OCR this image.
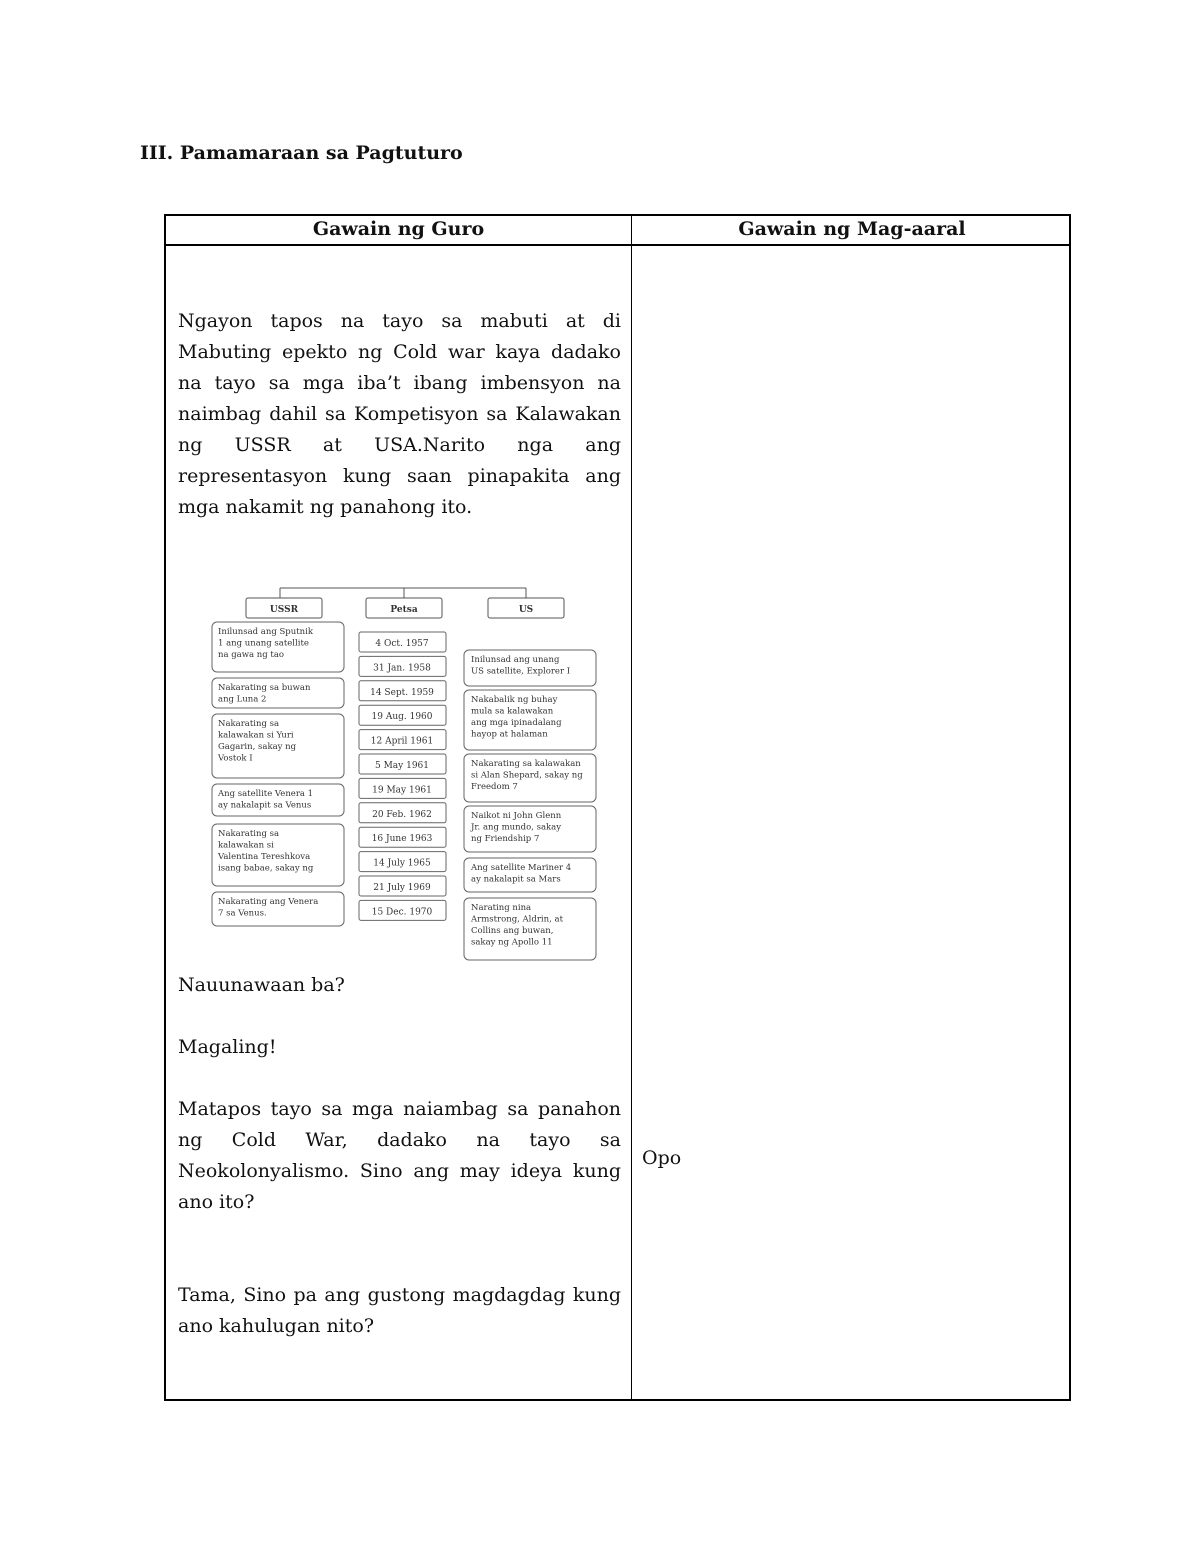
III. Pamamaraan sa Pagtuturo
Gawain ng Guro	Gawain ng Mag-aaral

Ngayon tapos na tayo sa mabuti at di Mabuting epekto ng Cold war kaya dadako na tayo sa mga iba’t ibang imbensyon na naimbag dahil sa Kompetisyon sa Kalawakan ng USSR at USA.Narito nga ang representasyon kung saan pinapakita ang mga nakamit ng panahong ito.

USSR	Petsa	US
4 Oct. 1957
31 Jan. 1958
14 Sept. 1959
19 Aug. 1960
12 April 1961
5 May 1961
19 May 1961
20 Feb. 1962
16 June 1963
14 July 1965
21 July 1969
15 Dec. 1970
Inilunsad ang Sputnik
1 ang unang satellite
na gawa ng tao
Nakarating sa buwan
ang Luna 2
Nakarating sa
kalawakan si Yuri
Gagarin, sakay ng
Vostok I
Ang satellite Venera 1
ay nakalapit sa Venus
Nakarating sa
kalawakan si
Valentina Tereshkova
isang babae, sakay ng
Nakarating ang Venera
7 sa Venus.
Inilunsad ang unang
US satellite, Explorer I
Nakabalik ng buhay
mula sa kalawakan
ang mga ipinadalang
hayop at halaman
Nakarating sa kalawakan
si Alan Shepard, sakay ng
Freedom 7
Naikot ni John Glenn
Jr. ang mundo, sakay
ng Friendship 7
Ang satellite Mariner 4
ay nakalapit sa Mars
Narating nina
Armstrong, Aldrin, at
Collins ang buwan,
sakay ng Apollo 11
Nauunawaan ba?
Magaling!

Matapos tayo sa mga naiambag sa panahon ng Cold War, dadako na tayo sa Neokolonyalismo. Sino ang may ideya kung ano ito?

Tama, Sino pa ang gustong magdagdag kung ano kahulugan nito?

Opo
